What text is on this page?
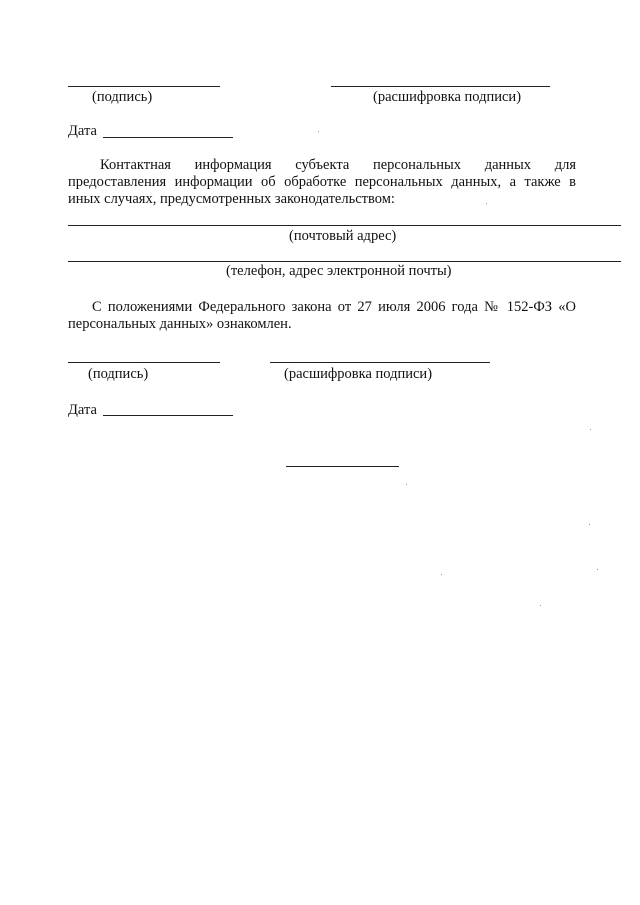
(подпись)	(расшифровка подписи)
Дата
Контактная информация субъекта персональных данных для
предоставления информации об обработке персональных данных, а также в
иных случаях, предусмотренных законодательством:
(почтовый адрес)
(телефон, адрес электронной почты)
С положениями Федерального закона от 27 июля 2006 года № 152-ФЗ «О
персональных данных» ознакомлен.
(подпись)	(расшифровка подписи)
Дата
